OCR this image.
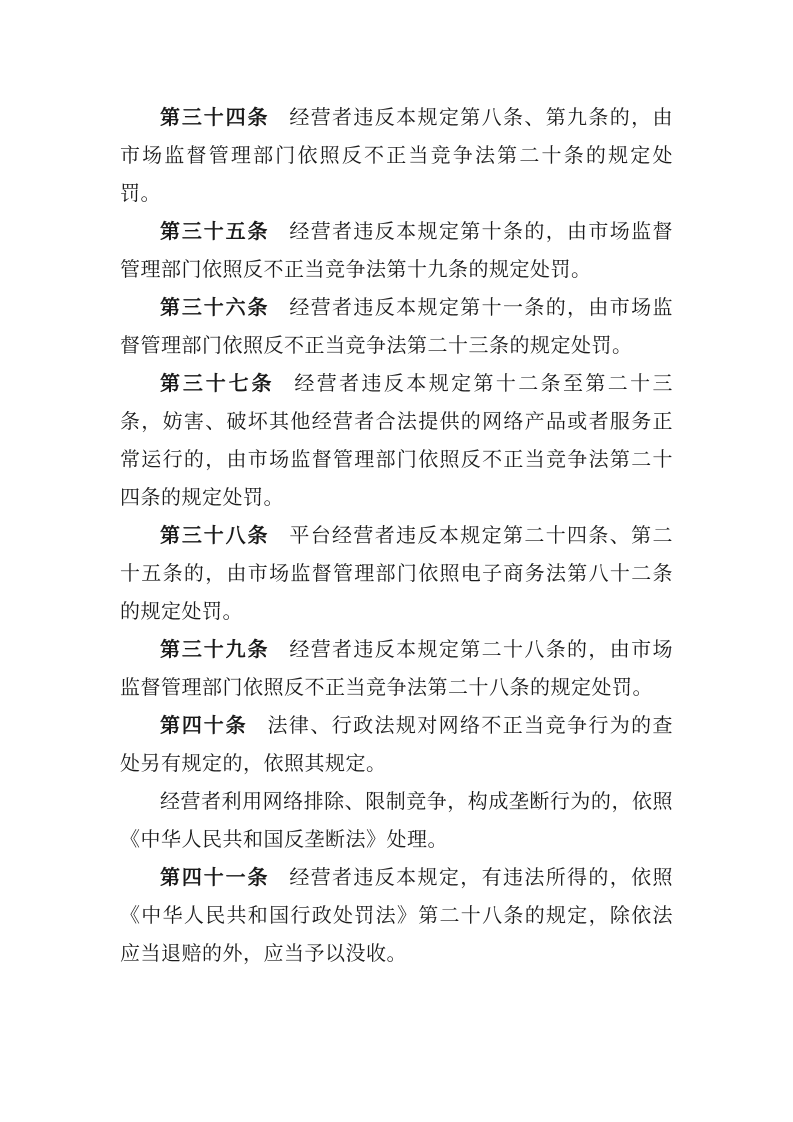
第三十四条 经营者违反本规定第八条、第九条的，由市场监督管理部门依照反不正当竞争法第二十条的规定处罚。

第三十五条 经营者违反本规定第十条的，由市场监督管理部门依照反不正当竞争法第十九条的规定处罚。

第三十六条 经营者违反本规定第十一条的，由市场监督管理部门依照反不正当竞争法第二十三条的规定处罚。

第三十七条 经营者违反本规定第十二条至第二十三条，妨害、破坏其他经营者合法提供的网络产品或者服务正常运行的，由市场监督管理部门依照反不正当竞争法第二十四条的规定处罚。

第三十八条 平台经营者违反本规定第二十四条、第二十五条的，由市场监督管理部门依照电子商务法第八十二条的规定处罚。

第三十九条 经营者违反本规定第二十八条的，由市场监督管理部门依照反不正当竞争法第二十八条的规定处罚。

第四十条 法律、行政法规对网络不正当竞争行为的查处另有规定的，依照其规定。

经营者利用网络排除、限制竞争，构成垄断行为的，依照《中华人民共和国反垄断法》处理。

第四十一条 经营者违反本规定，有违法所得的，依照《中华人民共和国行政处罚法》第二十八条的规定，除依法应当退赔的外，应当予以没收。
